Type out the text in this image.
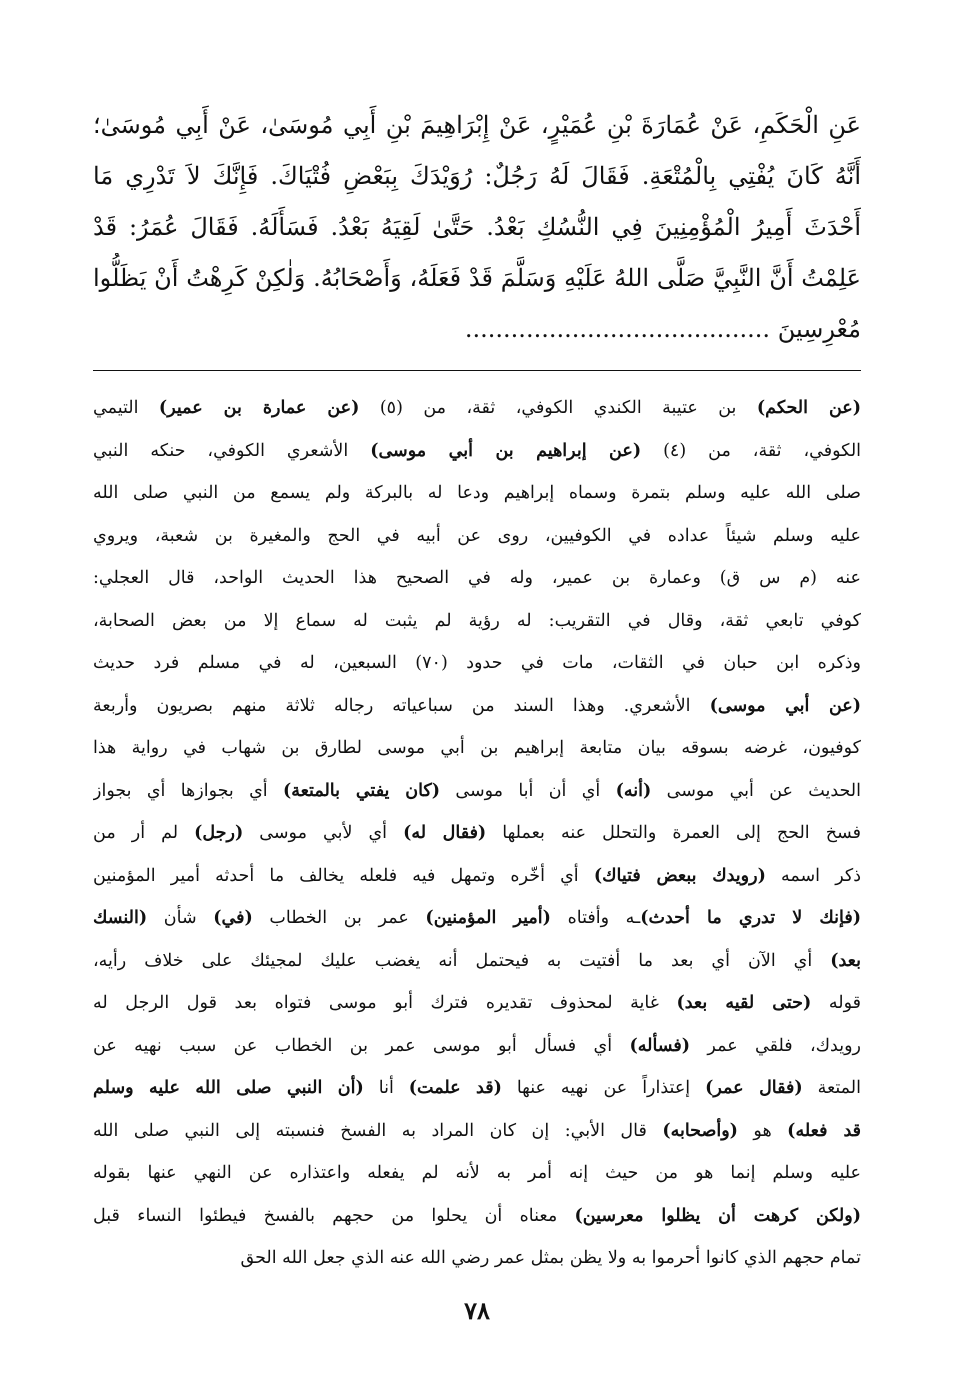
عَنِ الْحَكَمِ، عَنْ عُمَارَةَ بْنِ عُمَيْرٍ، عَنْ إِبْرَاهِيمَ بْنِ أَبِي مُوسَىٰ، عَنْ أَبِي مُوسَىٰ؛
أَنَّهُ كَانَ يُفْتِي بِالْمُتْعَةِ. فَقَالَ لَهُ رَجُلٌ: رُوَيْدَكَ بِبَعْضِ فُتْيَاكَ. فَإِنَّكَ لاَ تَدْرِي مَا
أَحْدَثَ أَمِيرُ الْمُؤْمِنِينَ فِي النُّسُكِ بَعْدُ. حَتَّىٰ لَقِيَهُ بَعْدُ. فَسَأَلَهُ. فَقَالَ عُمَرُ: قَدْ
عَلِمْتُ أَنَّ النَّبِيَّ صَلَّى اللهُ عَلَيْهِ وَسَلَّمَ قَدْ فَعَلَهُ، وَأَصْحَابُهُ. وَلٰكِنْ كَرِهْتُ أَنْ يَظَلُّوا
مُعْرِسِينَ ........................................
(عن الحكم) بن عتيبة الكندي الكوفي، ثقة، من (٥) (عن عمارة بن عمير) التيمي
الكوفي، ثقة، من (٤) (عن إبراهيم بن أبي موسى) الأشعري الكوفي، حنكه النبي
صلى الله عليه وسلم بتمرة وسماه إبراهيم ودعا له بالبركة ولم يسمع من النبي صلى الله
عليه وسلم شيئاً عداده في الكوفيين، روى عن أبيه في الحج والمغيرة بن شعبة، ويروي
عنه (م س ق) وعمارة بن عمير، وله في الصحيح هذا الحديث الواحد، قال العجلي:
كوفي تابعي ثقة، وقال في التقريب: له رؤية لم يثبت له سماع إلا من بعض الصحابة،
وذكره ابن حبان في الثقات، مات في حدود (٧٠) السبعين، له في مسلم فرد حديث
(عن أبي موسى) الأشعري. وهذا السند من سباعياته رجاله ثلاثة منهم بصريون وأربعة
كوفيون، غرضه بسوقه بيان متابعة إبراهيم بن أبي موسى لطارق بن شهاب في رواية هذا
الحديث عن أبي موسى (أنه) أي أن أبا موسى (كان يفتي بالمتعة) أي بجوازها أي بجواز
فسخ الحج إلى العمرة والتحلل عنه بعملها (فقال له) أي لأبي موسى (رجل) لم أر من
ذكر اسمه (رويدك ببعض فتياك) أي أخّره وتمهل فيه فلعله يخالف ما أحدثه أمير المؤمنين
(فإنك لا تدري ما أحدث)ـه وأفتاه (أمير المؤمنين) عمر بن الخطاب (في) شأن (النسك
بعد) أي الآن أي بعد ما أفتيت به فيحتمل أنه يغضب عليك لمجيئك على خلاف رأيه،
قوله (حتى لقيه بعد) غاية لمحذوف تقديره فترك أبو موسى فتواه بعد قول الرجل له
رويدك، فلقي عمر (فسأله) أي فسأل أبو موسى عمر بن الخطاب عن سبب نهيه عن
المتعة (فقال عمر) إعتذاراً عن نهيه عنها (قد علمت) أنا (أن النبي صلى الله عليه وسلم
قد فعله) هو (وأصحابه) قال الأبي: إن كان المراد به الفسخ فنسبته إلى النبي صلى الله
عليه وسلم إنما هو من حيث إنه أمر به لأنه لم يفعله واعتذاره عن النهي عنها بقوله
(ولكن كرهت أن يظلوا معرسين) معناه أن يحلوا من حجهم بالفسخ فيطئوا النساء قبل
تمام حجهم الذي كانوا أحرموا به ولا يظن بمثل عمر رضي الله عنه الذي جعل الله الحق
٧٨
